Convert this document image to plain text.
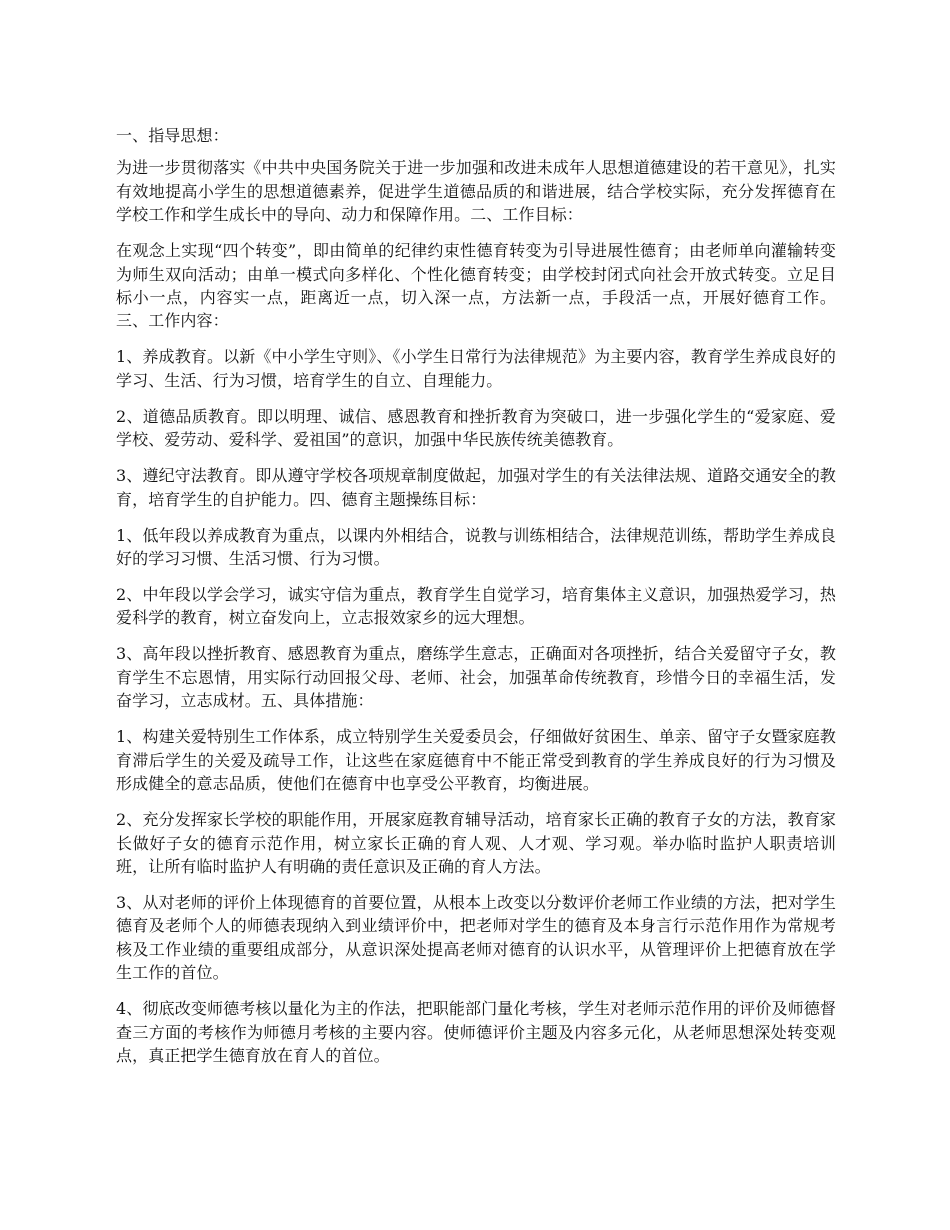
一、指导思想：

为进一步贯彻落实《中共中央国务院关于进一步加强和改进未成年人思想道德建设的若干意见》，扎实有效地提高小学生的思想道德素养，促进学生道德品质的和谐进展，结合学校实际，充分发挥德育在学校工作和学生成长中的导向、动力和保障作用。二、工作目标：

在观念上实现“四个转变”，即由简单的纪律约束性德育转变为引导进展性德育；由老师单向灌输转变为师生双向活动；由单一模式向多样化、个性化德育转变；由学校封闭式向社会开放式转变。立足目标小一点，内容实一点，距离近一点，切入深一点，方法新一点，手段活一点，开展好德育工作。三、工作内容：

1、养成教育。以新《中小学生守则》、《小学生日常行为法律规范》为主要内容，教育学生养成良好的学习、生活、行为习惯，培育学生的自立、自理能力。

2、道德品质教育。即以明理、诚信、感恩教育和挫折教育为突破口，进一步强化学生的“爱家庭、爱学校、爱劳动、爱科学、爱祖国”的意识，加强中华民族传统美德教育。

3、遵纪守法教育。即从遵守学校各项规章制度做起，加强对学生的有关法律法规、道路交通安全的教育，培育学生的自护能力。四、德育主题操练目标：

1、低年段以养成教育为重点，以课内外相结合，说教与训练相结合，法律规范训练，帮助学生养成良好的学习习惯、生活习惯、行为习惯。

2、中年段以学会学习，诚实守信为重点，教育学生自觉学习，培育集体主义意识，加强热爱学习，热爱科学的教育，树立奋发向上，立志报效家乡的远大理想。

3、高年段以挫折教育、感恩教育为重点，磨练学生意志，正确面对各项挫折，结合关爱留守子女，教育学生不忘恩情，用实际行动回报父母、老师、社会，加强革命传统教育，珍惜今日的幸福生活，发奋学习，立志成材。五、具体措施：

1、构建关爱特别生工作体系，成立特别学生关爱委员会，仔细做好贫困生、单亲、留守子女暨家庭教育滞后学生的关爱及疏导工作，让这些在家庭德育中不能正常受到教育的学生养成良好的行为习惯及形成健全的意志品质，使他们在德育中也享受公平教育，均衡进展。

2、充分发挥家长学校的职能作用，开展家庭教育辅导活动，培育家长正确的教育子女的方法，教育家长做好子女的德育示范作用，树立家长正确的育人观、人才观、学习观。举办临时监护人职责培训班，让所有临时监护人有明确的责任意识及正确的育人方法。

3、从对老师的评价上体现德育的首要位置，从根本上改变以分数评价老师工作业绩的方法，把对学生德育及老师个人的师德表现纳入到业绩评价中，把老师对学生的德育及本身言行示范作用作为常规考核及工作业绩的重要组成部分，从意识深处提高老师对德育的认识水平，从管理评价上把德育放在学生工作的首位。

4、彻底改变师德考核以量化为主的作法，把职能部门量化考核，学生对老师示范作用的评价及师德督查三方面的考核作为师德月考核的主要内容。使师德评价主题及内容多元化，从老师思想深处转变观点，真正把学生德育放在育人的首位。
